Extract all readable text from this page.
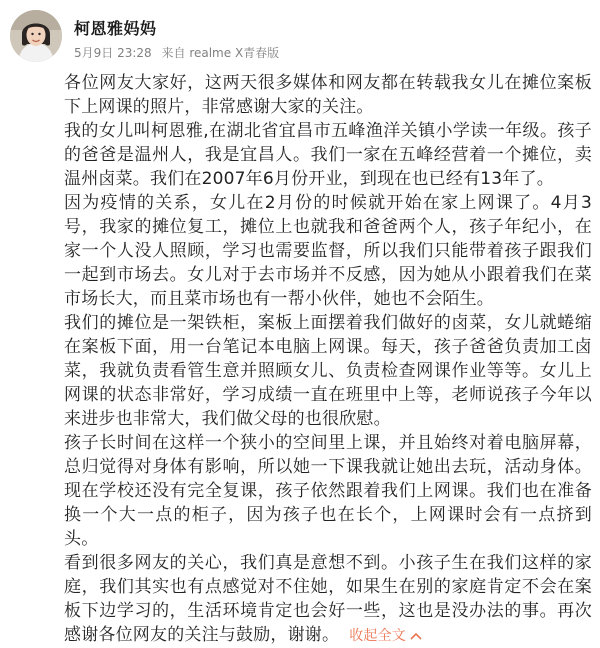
柯恩雅妈妈
5月9日 23:28 来自 realme X青春版

各位网友大家好，这两天很多媒体和网友都在转载我女儿在摊位案板下上网课的照片，非常感谢大家的关注。

我的女儿叫柯恩雅,在湖北省宜昌市五峰渔洋关镇小学读一年级。孩子的爸爸是温州人，我是宜昌人。我们一家在五峰经营着一个摊位，卖温州卤菜。我们在2007年6月份开业，到现在也已经有13年了。

因为疫情的关系，女儿在2月份的时候就开始在家上网课了。4月3号，我家的摊位复工，摊位上也就我和爸爸两个人，孩子年纪小，在家一个人没人照顾，学习也需要监督，所以我们只能带着孩子跟我们一起到市场去。女儿对于去市场并不反感，因为她从小跟着我们在菜市场长大，而且菜市场也有一帮小伙伴，她也不会陌生。

我们的摊位是一架铁柜，案板上面摆着我们做好的卤菜，女儿就蜷缩在案板下面，用一台笔记本电脑上网课。每天，孩子爸爸负责加工卤菜，我就负责看管生意并照顾女儿、负责检查网课作业等等。女儿上网课的状态非常好，学习成绩一直在班里中上等，老师说孩子今年以来进步也非常大，我们做父母的也很欣慰。

孩子长时间在这样一个狭小的空间里上课，并且始终对着电脑屏幕，总归觉得对身体有影响，所以她一下课我就让她出去玩，活动身体。现在学校还没有完全复课，孩子依然跟着我们上网课。我们也在准备换一个大一点的柜子，因为孩子也在长个，上网课时会有一点挤到头。

看到很多网友的关心，我们真是意想不到。小孩子生在我们这样的家庭，我们其实也有点感觉对不住她，如果生在别的家庭肯定不会在案板下边学习的，生活环境肯定也会好一些，这也是没办法的事。再次感谢各位网友的关注与鼓励，谢谢。 收起全文
